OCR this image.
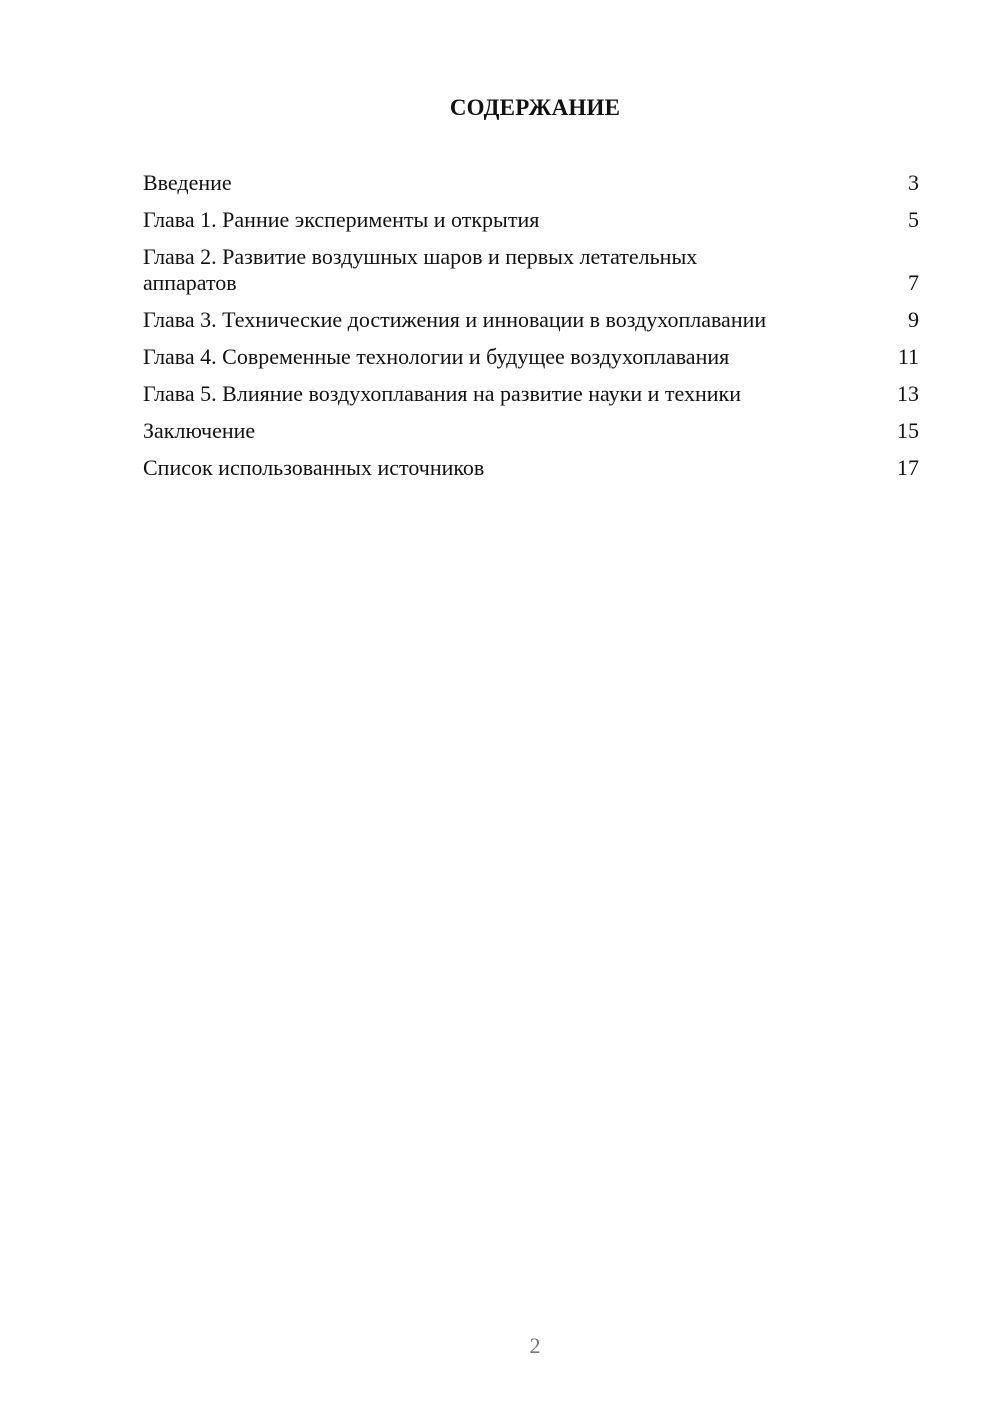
СОДЕРЖАНИЕ
Введение	3
Глава 1. Ранние эксперименты и открытия	5
Глава 2. Развитие воздушных шаров и первых летательных аппаратов	7
Глава 3. Технические достижения и инновации в воздухоплавании	9
Глава 4. Современные технологии и будущее воздухоплавания	11
Глава 5. Влияние воздухоплавания на развитие науки и техники	13
Заключение	15
Список использованных источников	17
2
